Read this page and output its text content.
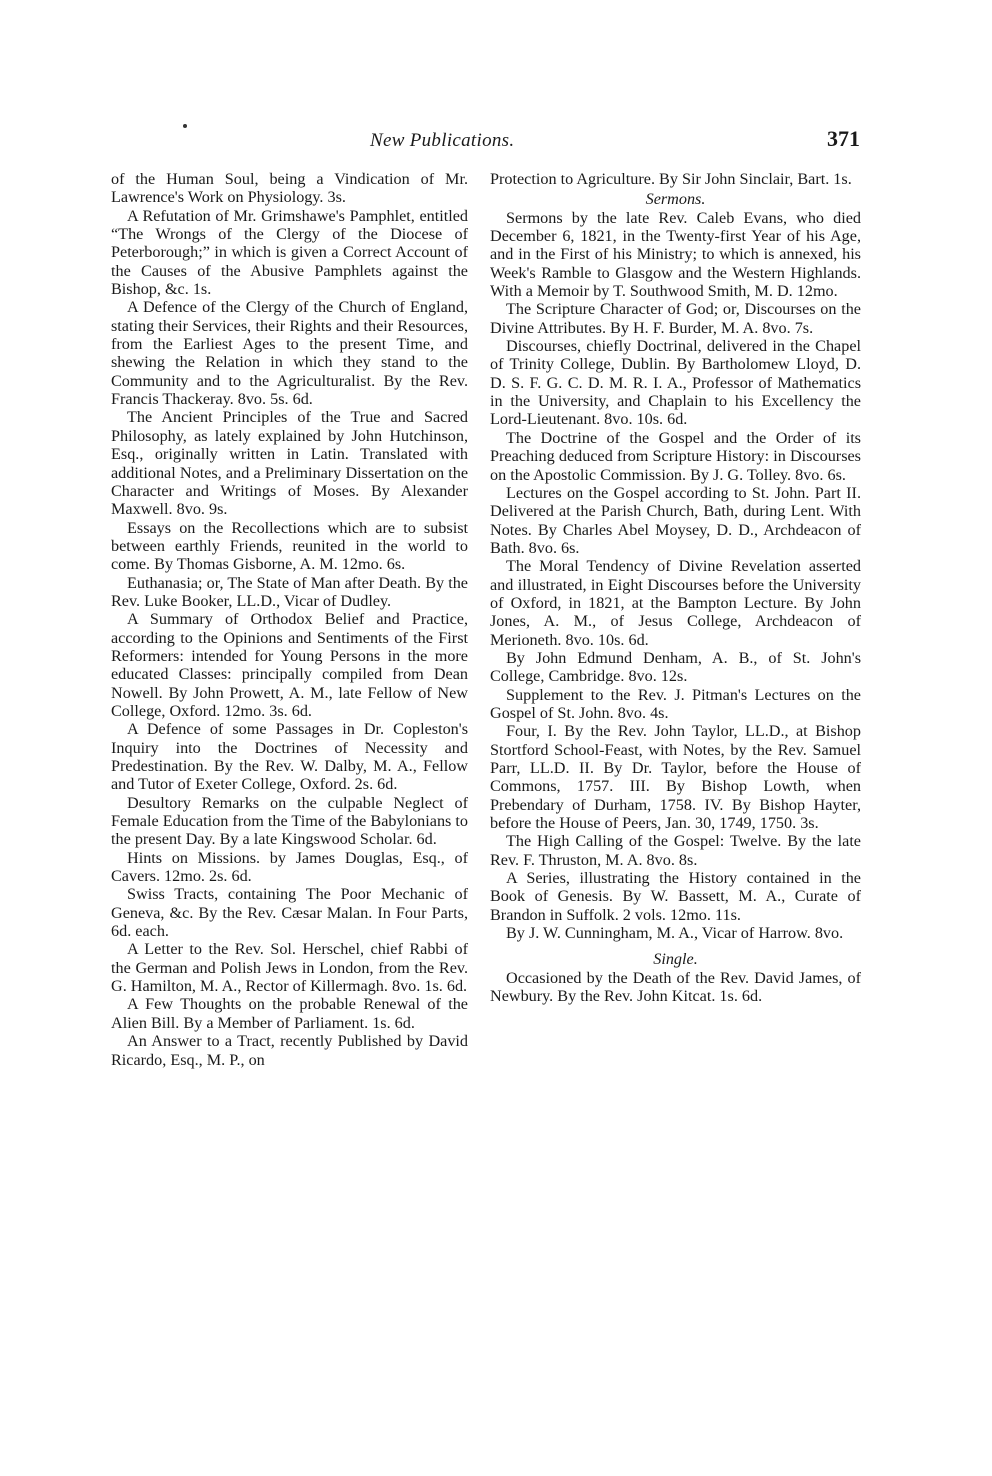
New Publications.	371

of the Human Soul, being a Vindication of Mr. Lawrence's Work on Physiology. 3s.

A Refutation of Mr. Grimshawe's Pamphlet, entitled “The Wrongs of the Clergy of the Diocese of Peterborough;” in which is given a Correct Account of the Causes of the Abusive Pamphlets against the Bishop, &c. 1s.

A Defence of the Clergy of the Church of England, stating their Services, their Rights and their Resources, from the Earliest Ages to the present Time, and shewing the Relation in which they stand to the Community and to the Agriculturalist. By the Rev. Francis Thackeray. 8vo. 5s. 6d.

The Ancient Principles of the True and Sacred Philosophy, as lately explained by John Hutchinson, Esq., originally written in Latin. Translated with additional Notes, and a Preliminary Dissertation on the Character and Writings of Moses. By Alexander Maxwell. 8vo. 9s.

Essays on the Recollections which are to subsist between earthly Friends, reunited in the world to come. By Thomas Gisborne, A. M. 12mo. 6s.

Euthanasia; or, The State of Man after Death. By the Rev. Luke Booker, LL.D., Vicar of Dudley.

A Summary of Orthodox Belief and Practice, according to the Opinions and Sentiments of the First Reformers: intended for Young Persons in the more educated Classes: principally compiled from Dean Nowell. By John Prowett, A. M., late Fellow of New College, Oxford. 12mo. 3s. 6d.

A Defence of some Passages in Dr. Copleston's Inquiry into the Doctrines of Necessity and Predestination. By the Rev. W. Dalby, M. A., Fellow and Tutor of Exeter College, Oxford. 2s. 6d.

Desultory Remarks on the culpable Neglect of Female Education from the Time of the Babylonians to the present Day. By a late Kingswood Scholar. 6d.

Hints on Missions. by James Douglas, Esq., of Cavers. 12mo. 2s. 6d.

Swiss Tracts, containing The Poor Mechanic of Geneva, &c. By the Rev. Cæsar Malan. In Four Parts, 6d. each.

A Letter to the Rev. Sol. Herschel, chief Rabbi of the German and Polish Jews in London, from the Rev. G. Hamilton, M. A., Rector of Killermagh. 8vo. 1s. 6d.

A Few Thoughts on the probable Renewal of the Alien Bill. By a Member of Parliament. 1s. 6d.

An Answer to a Tract, recently Published by David Ricardo, Esq., M. P., on

Protection to Agriculture. By Sir John Sinclair, Bart. 1s.

Sermons.

Sermons by the late Rev. Caleb Evans, who died December 6, 1821, in the Twenty-first Year of his Age, and in the First of his Ministry; to which is annexed, his Week's Ramble to Glasgow and the Western Highlands. With a Memoir by T. Southwood Smith, M. D. 12mo.

The Scripture Character of God; or, Discourses on the Divine Attributes. By H. F. Burder, M. A. 8vo. 7s.

Discourses, chiefly Doctrinal, delivered in the Chapel of Trinity College, Dublin. By Bartholomew Lloyd, D. D. S. F. G. C. D. M. R. I. A., Professor of Mathematics in the University, and Chaplain to his Excellency the Lord-Lieutenant. 8vo. 10s. 6d.

The Doctrine of the Gospel and the Order of its Preaching deduced from Scripture History: in Discourses on the Apostolic Commission. By J. G. Tolley. 8vo. 6s.

Lectures on the Gospel according to St. John. Part II. Delivered at the Parish Church, Bath, during Lent. With Notes. By Charles Abel Moysey, D. D., Archdeacon of Bath. 8vo. 6s.

The Moral Tendency of Divine Revelation asserted and illustrated, in Eight Discourses before the University of Oxford, in 1821, at the Bampton Lecture. By John Jones, A. M., of Jesus College, Archdeacon of Merioneth. 8vo. 10s. 6d.

By John Edmund Denham, A. B., of St. John's College, Cambridge. 8vo. 12s.

Supplement to the Rev. J. Pitman's Lectures on the Gospel of St. John. 8vo. 4s.

Four, I. By the Rev. John Taylor, LL.D., at Bishop Stortford School-Feast, with Notes, by the Rev. Samuel Parr, LL.D. II. By Dr. Taylor, before the House of Commons, 1757. III. By Bishop Lowth, when Prebendary of Durham, 1758. IV. By Bishop Hayter, before the House of Peers, Jan. 30, 1749, 1750. 3s.

The High Calling of the Gospel: Twelve. By the late Rev. F. Thruston, M. A. 8vo. 8s.

A Series, illustrating the History contained in the Book of Genesis. By W. Bassett, M. A., Curate of Brandon in Suffolk. 2 vols. 12mo. 11s.

By J. W. Cunningham, M. A., Vicar of Harrow. 8vo.

Single.

Occasioned by the Death of the Rev. David James, of Newbury. By the Rev. John Kitcat. 1s. 6d.
